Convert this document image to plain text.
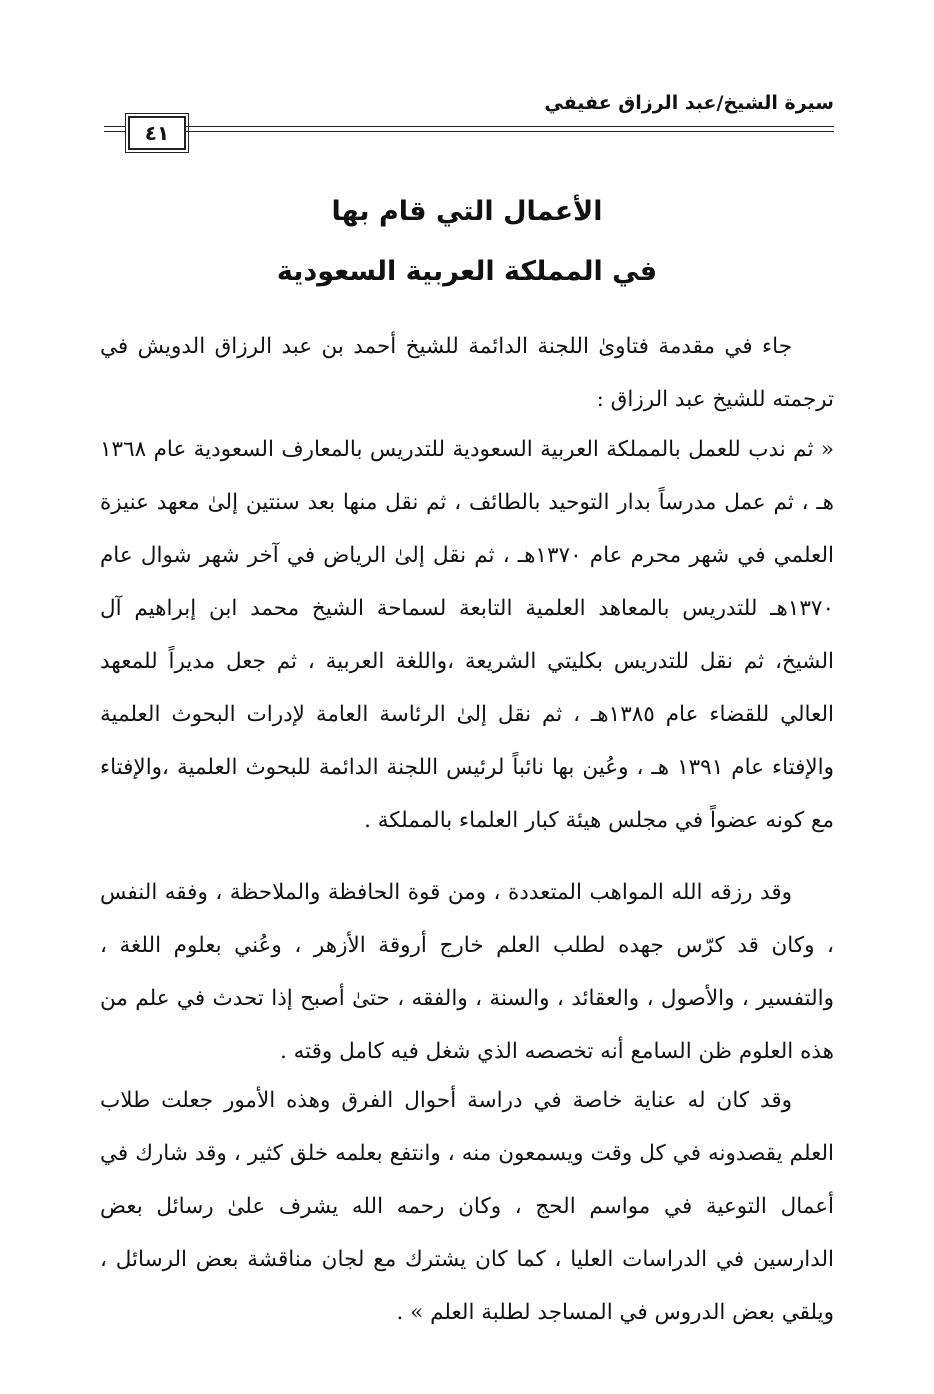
سيرة الشيخ/عبد الرزاق عفيفي
٤١
الأعمال التي قام بها
في المملكة العربية السعودية

جاء في مقدمة فتاوىٰ اللجنة الدائمة للشيخ أحمد بن عبد الرزاق الدويش في ترجمته للشيخ عبد الرزاق :

« ثم ندب للعمل بالمملكة العربية السعودية للتدريس بالمعارف السعودية عام ١٣٦٨ هـ ، ثم عمل مدرساً بدار التوحيد بالطائف ، ثم نقل منها بعد سنتين إلىٰ معهد عنيزة العلمي في شهر محرم عام ١٣٧٠هـ ، ثم نقل إلىٰ الرياض في آخر شهر شوال عام ١٣٧٠هـ للتدريس بالمعاهد العلمية التابعة لسماحة الشيخ محمد ابن إبراهيم آل الشيخ، ثم نقل للتدريس بكليتي الشريعة ،واللغة العربية ، ثم جعل مديراً للمعهد العالي للقضاء عام ١٣٨٥هـ ، ثم نقل إلىٰ الرئاسة العامة لإدرات البحوث العلمية والإفتاء عام ١٣٩١ هـ ، وعُين بها نائباً لرئيس اللجنة الدائمة للبحوث العلمية ،والإفتاء مع كونه عضواً في مجلس هيئة كبار العلماء بالمملكة .

وقد رزقه الله المواهب المتعددة ، ومن قوة الحافظة والملاحظة ، وفقه النفس ، وكان قد كرّس جهده لطلب العلم خارج أروقة الأزهر ، وعُني بعلوم اللغة ، والتفسير ، والأصول ، والعقائد ، والسنة ، والفقه ، حتىٰ أصبح إذا تحدث في علم من هذه العلوم ظن السامع أنه تخصصه الذي شغل فيه كامل وقته .

وقد كان له عناية خاصة في دراسة أحوال الفرق وهذه الأمور جعلت طلاب العلم يقصدونه في كل وقت ويسمعون منه ، وانتفع بعلمه خلق كثير ، وقد شارك في أعمال التوعية في مواسم الحج ، وكان رحمه الله يشرف علىٰ رسائل بعض الدارسين في الدراسات العليا ، كما كان يشترك مع لجان مناقشة بعض الرسائل ، ويلقي بعض الدروس في المساجد لطلبة العلم » .
